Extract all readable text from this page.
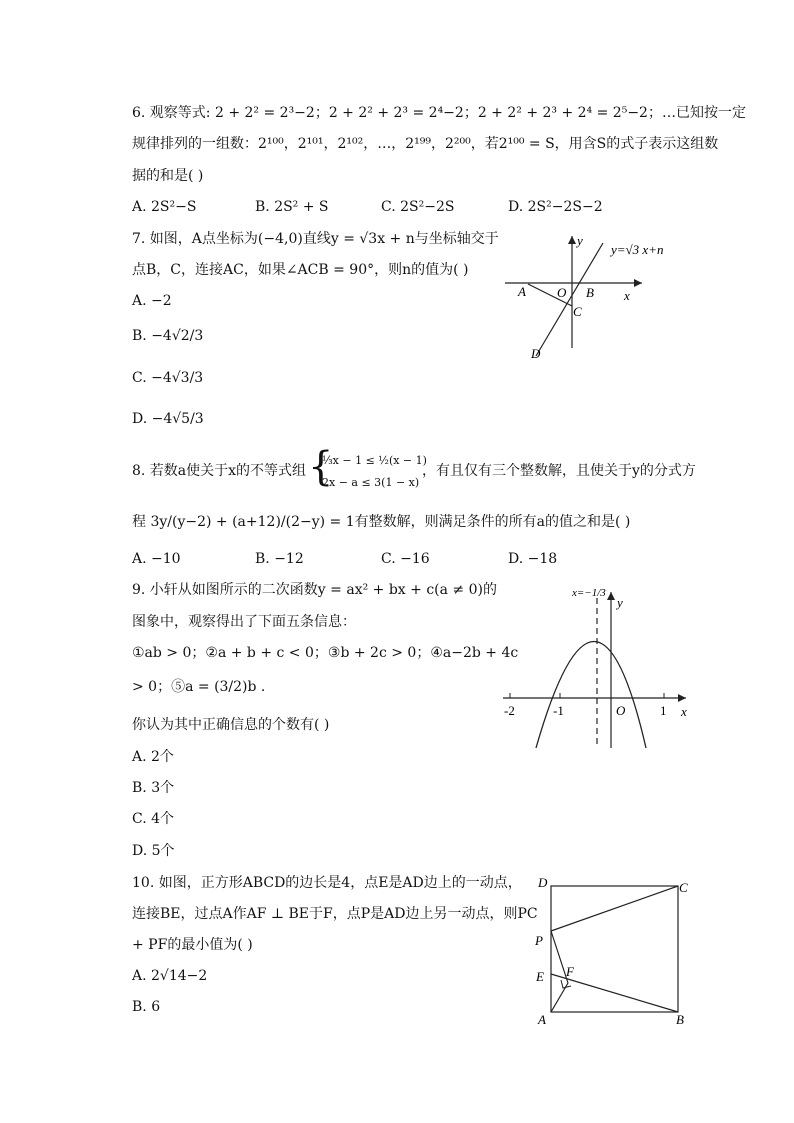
6. 观察等式: 2 + 2² = 2³−2；2 + 2² + 2³ = 2⁴−2；2 + 2² + 2³ + 2⁴ = 2⁵−2；…已知按一定
规律排列的一组数：2¹⁰⁰，2¹⁰¹，2¹⁰²，…，2¹⁹⁹，2²⁰⁰，若2¹⁰⁰ = S，用含S的式子表示这组数
据的和是( )
A. 2S²−S	B. 2S² + S	C. 2S²−2S	D. 2S²−2S−2
7. 如图，A点坐标为(−4,0)直线y = √3x + n与坐标轴交于
点B，C，连接AC，如果∠ACB = 90°，则n的值为( )
A. −2
B. −4√2/3
C. −4√3/3
D. −4√5/3
y=√3 x+n
y
x
O
A	B
C
D
8. 若数a使关于x的不等式组 {
⅓x − 1 ≤ ½(x − 1)
2x − a ≤ 3(1 − x)
，有且仅有三个整数解，且使关于y的分式方
程 3y/(y−2) + (a+12)/(2−y) = 1有整数解，则满足条件的所有a的值之和是( )
A. −10	B. −12	C. −16	D. −18
9. 小轩从如图所示的二次函数y = ax² + bx + c(a ≠ 0)的
图象中，观察得出了下面五条信息：
①ab > 0；②a + b + c < 0；③b + 2c > 0；④a−2b + 4c
> 0；⑤a = (3/2)b .
你认为其中正确信息的个数有( )
A. 2个
B. 3个
C. 4个
D. 5个
-2	-1	1
O	x
y
x=−1/3
10. 如图，正方形ABCD的边长是4，点E是AD边上的一动点，
连接BE，过点A作AF ⊥ BE于F，点P是AD边上另一动点，则PC
+ PF的最小值为( )
A. 2√14−2
B. 6
D	C
P
E F
A	B
